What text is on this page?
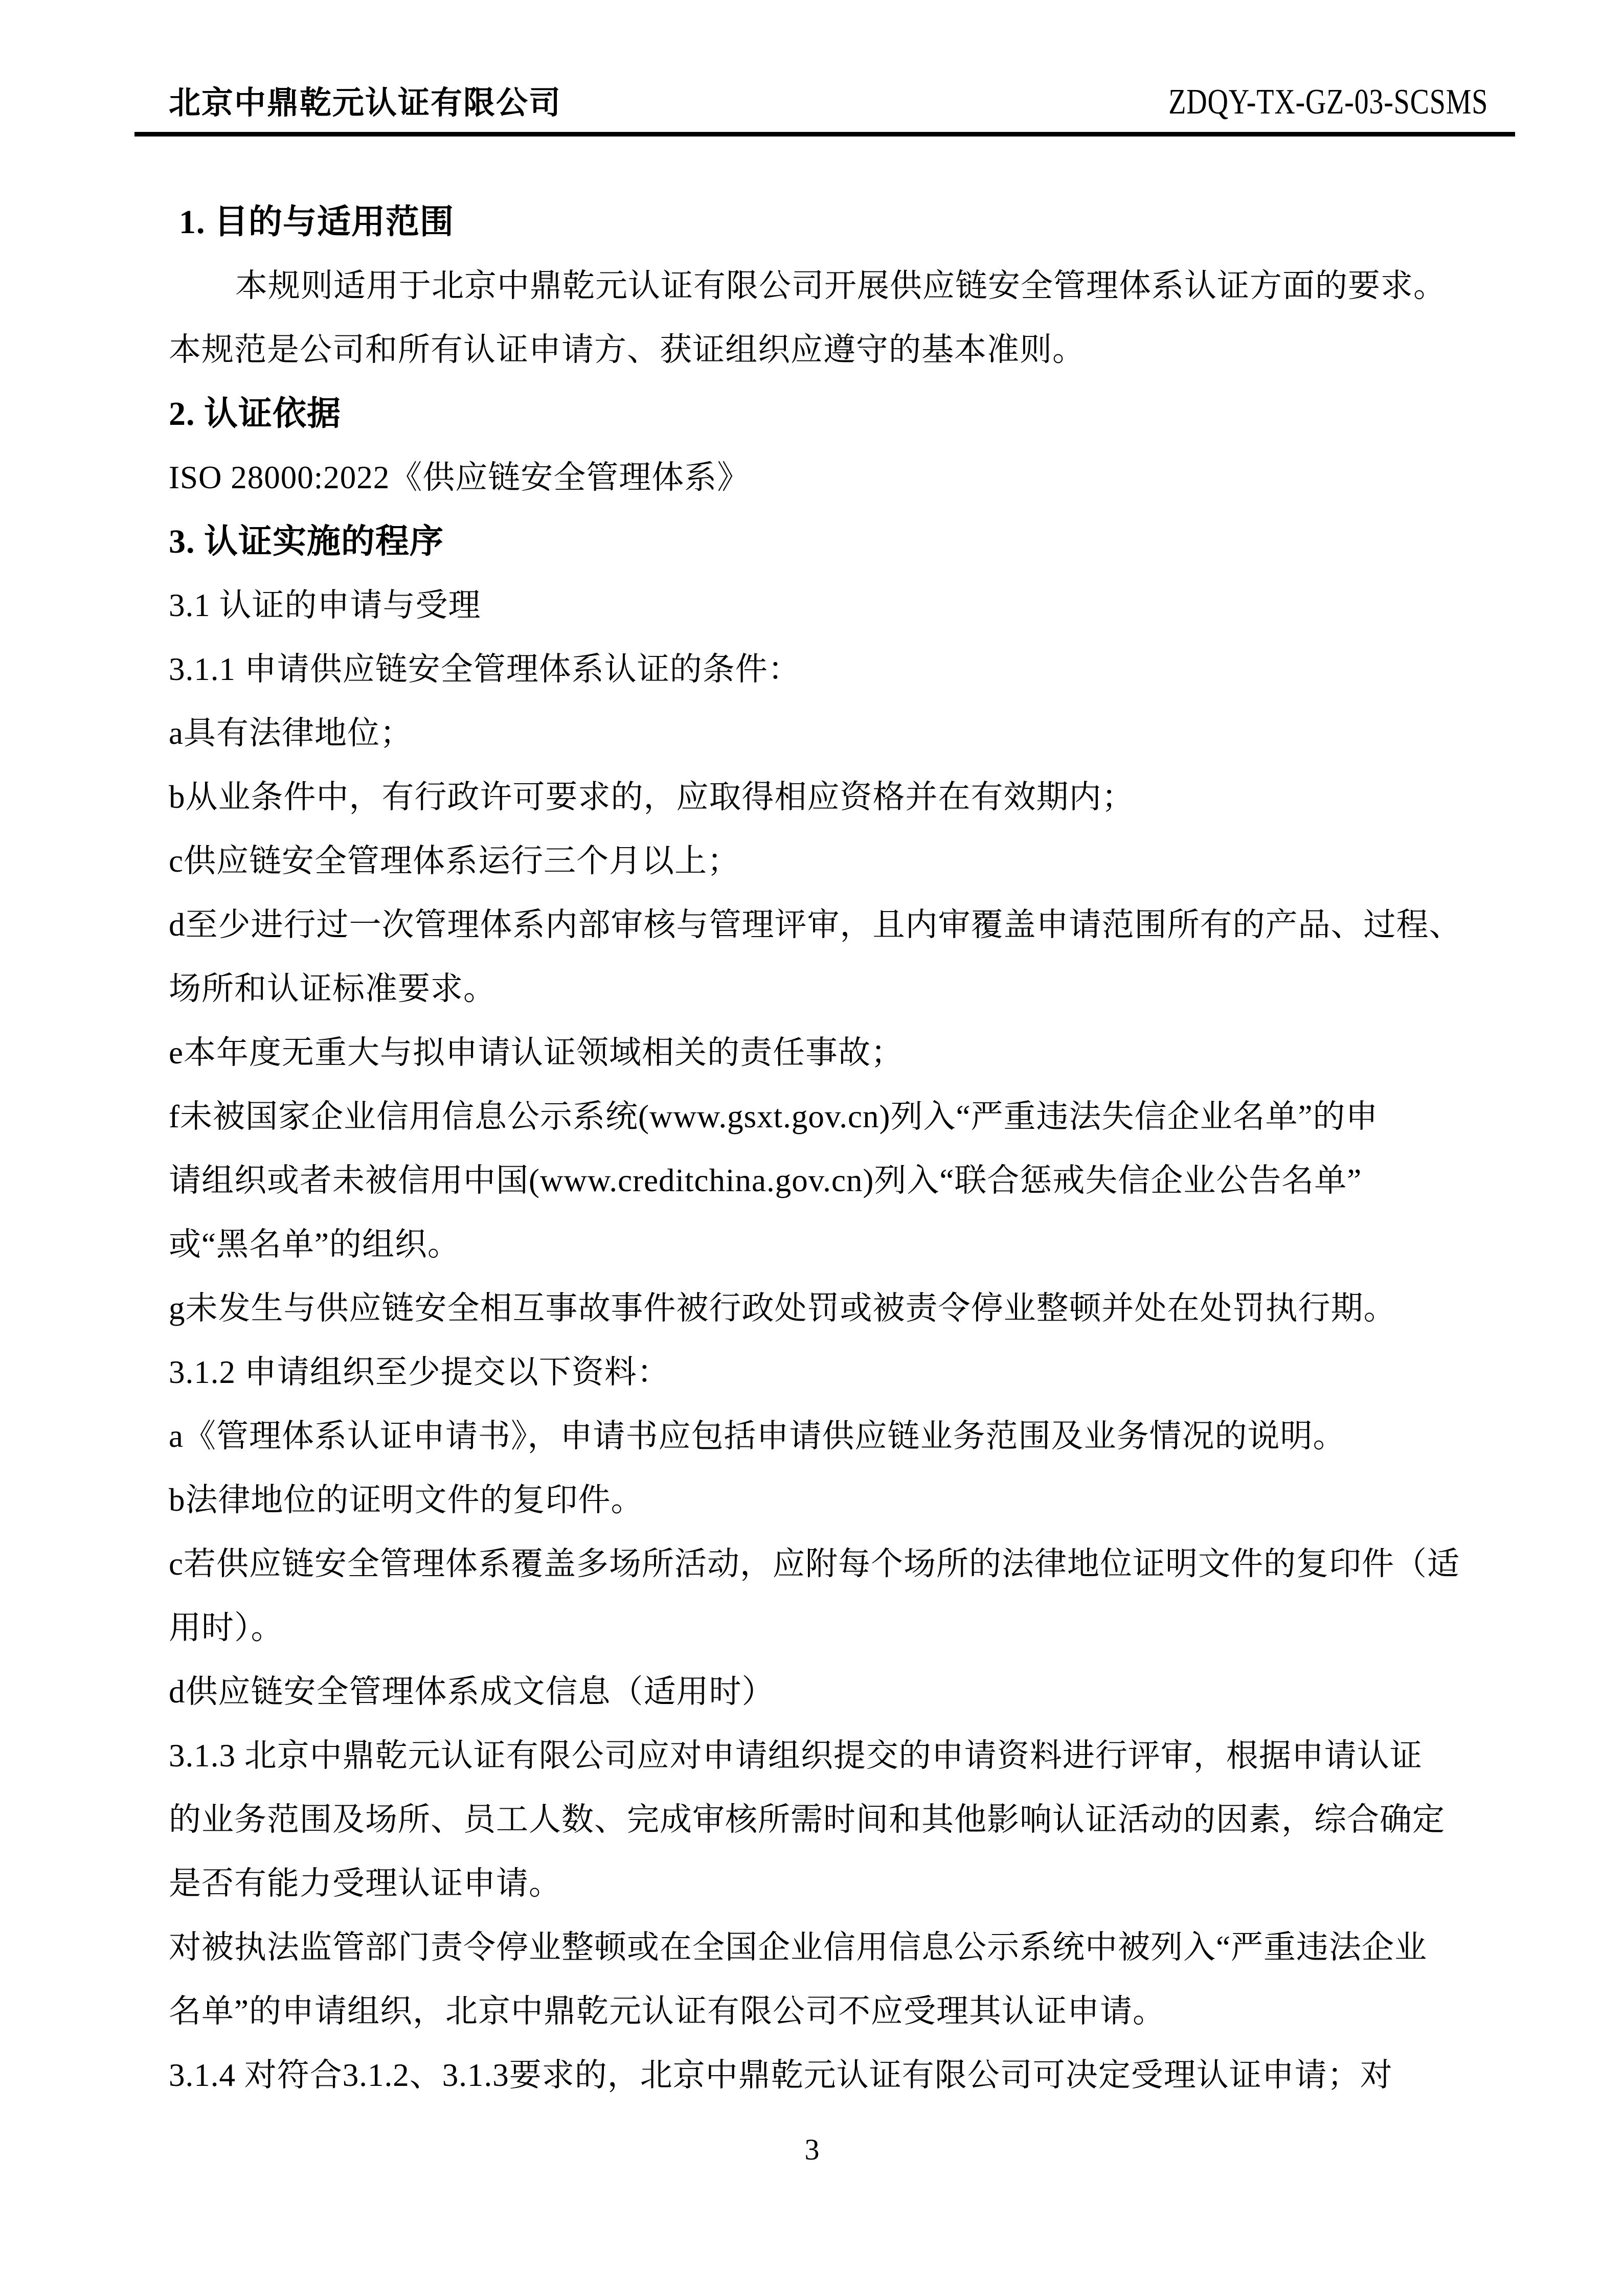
北京中鼎乾元认证有限公司	ZDQY-TX-GZ-03-SCSMS

1. 目的与适用范围

本规则适用于北京中鼎乾元认证有限公司开展供应链安全管理体系认证方面的要求。

本规范是公司和所有认证申请方、获证组织应遵守的基本准则。

2. 认证依据

ISO 28000:2022《供应链安全管理体系》

3. 认证实施的程序

3.1 认证的申请与受理

3.1.1 申请供应链安全管理体系认证的条件：

a具有法律地位；

b从业条件中，有行政许可要求的，应取得相应资格并在有效期内；

c供应链安全管理体系运行三个月以上；

d至少进行过一次管理体系内部审核与管理评审，且内审覆盖申请范围所有的产品、过程、

场所和认证标准要求。

e本年度无重大与拟申请认证领域相关的责任事故；

f未被国家企业信用信息公示系统(www.gsxt.gov.cn)列入“严重违法失信企业名单”的申

请组织或者未被信用中国(www.creditchina.gov.cn)列入“联合惩戒失信企业公告名单”

或“黑名单”的组织。

g未发生与供应链安全相互事故事件被行政处罚或被责令停业整顿并处在处罚执行期。

3.1.2 申请组织至少提交以下资料：

a《管理体系认证申请书》，申请书应包括申请供应链业务范围及业务情况的说明。

b法律地位的证明文件的复印件。

c若供应链安全管理体系覆盖多场所活动，应附每个场所的法律地位证明文件的复印件（适

用时）。

d供应链安全管理体系成文信息（适用时）

3.1.3 北京中鼎乾元认证有限公司应对申请组织提交的申请资料进行评审，根据申请认证

的业务范围及场所、员工人数、完成审核所需时间和其他影响认证活动的因素，综合确定

是否有能力受理认证申请。

对被执法监管部门责令停业整顿或在全国企业信用信息公示系统中被列入“严重违法企业

名单”的申请组织，北京中鼎乾元认证有限公司不应受理其认证申请。

3.1.4 对符合3.1.2、3.1.3要求的，北京中鼎乾元认证有限公司可决定受理认证申请；对

3
